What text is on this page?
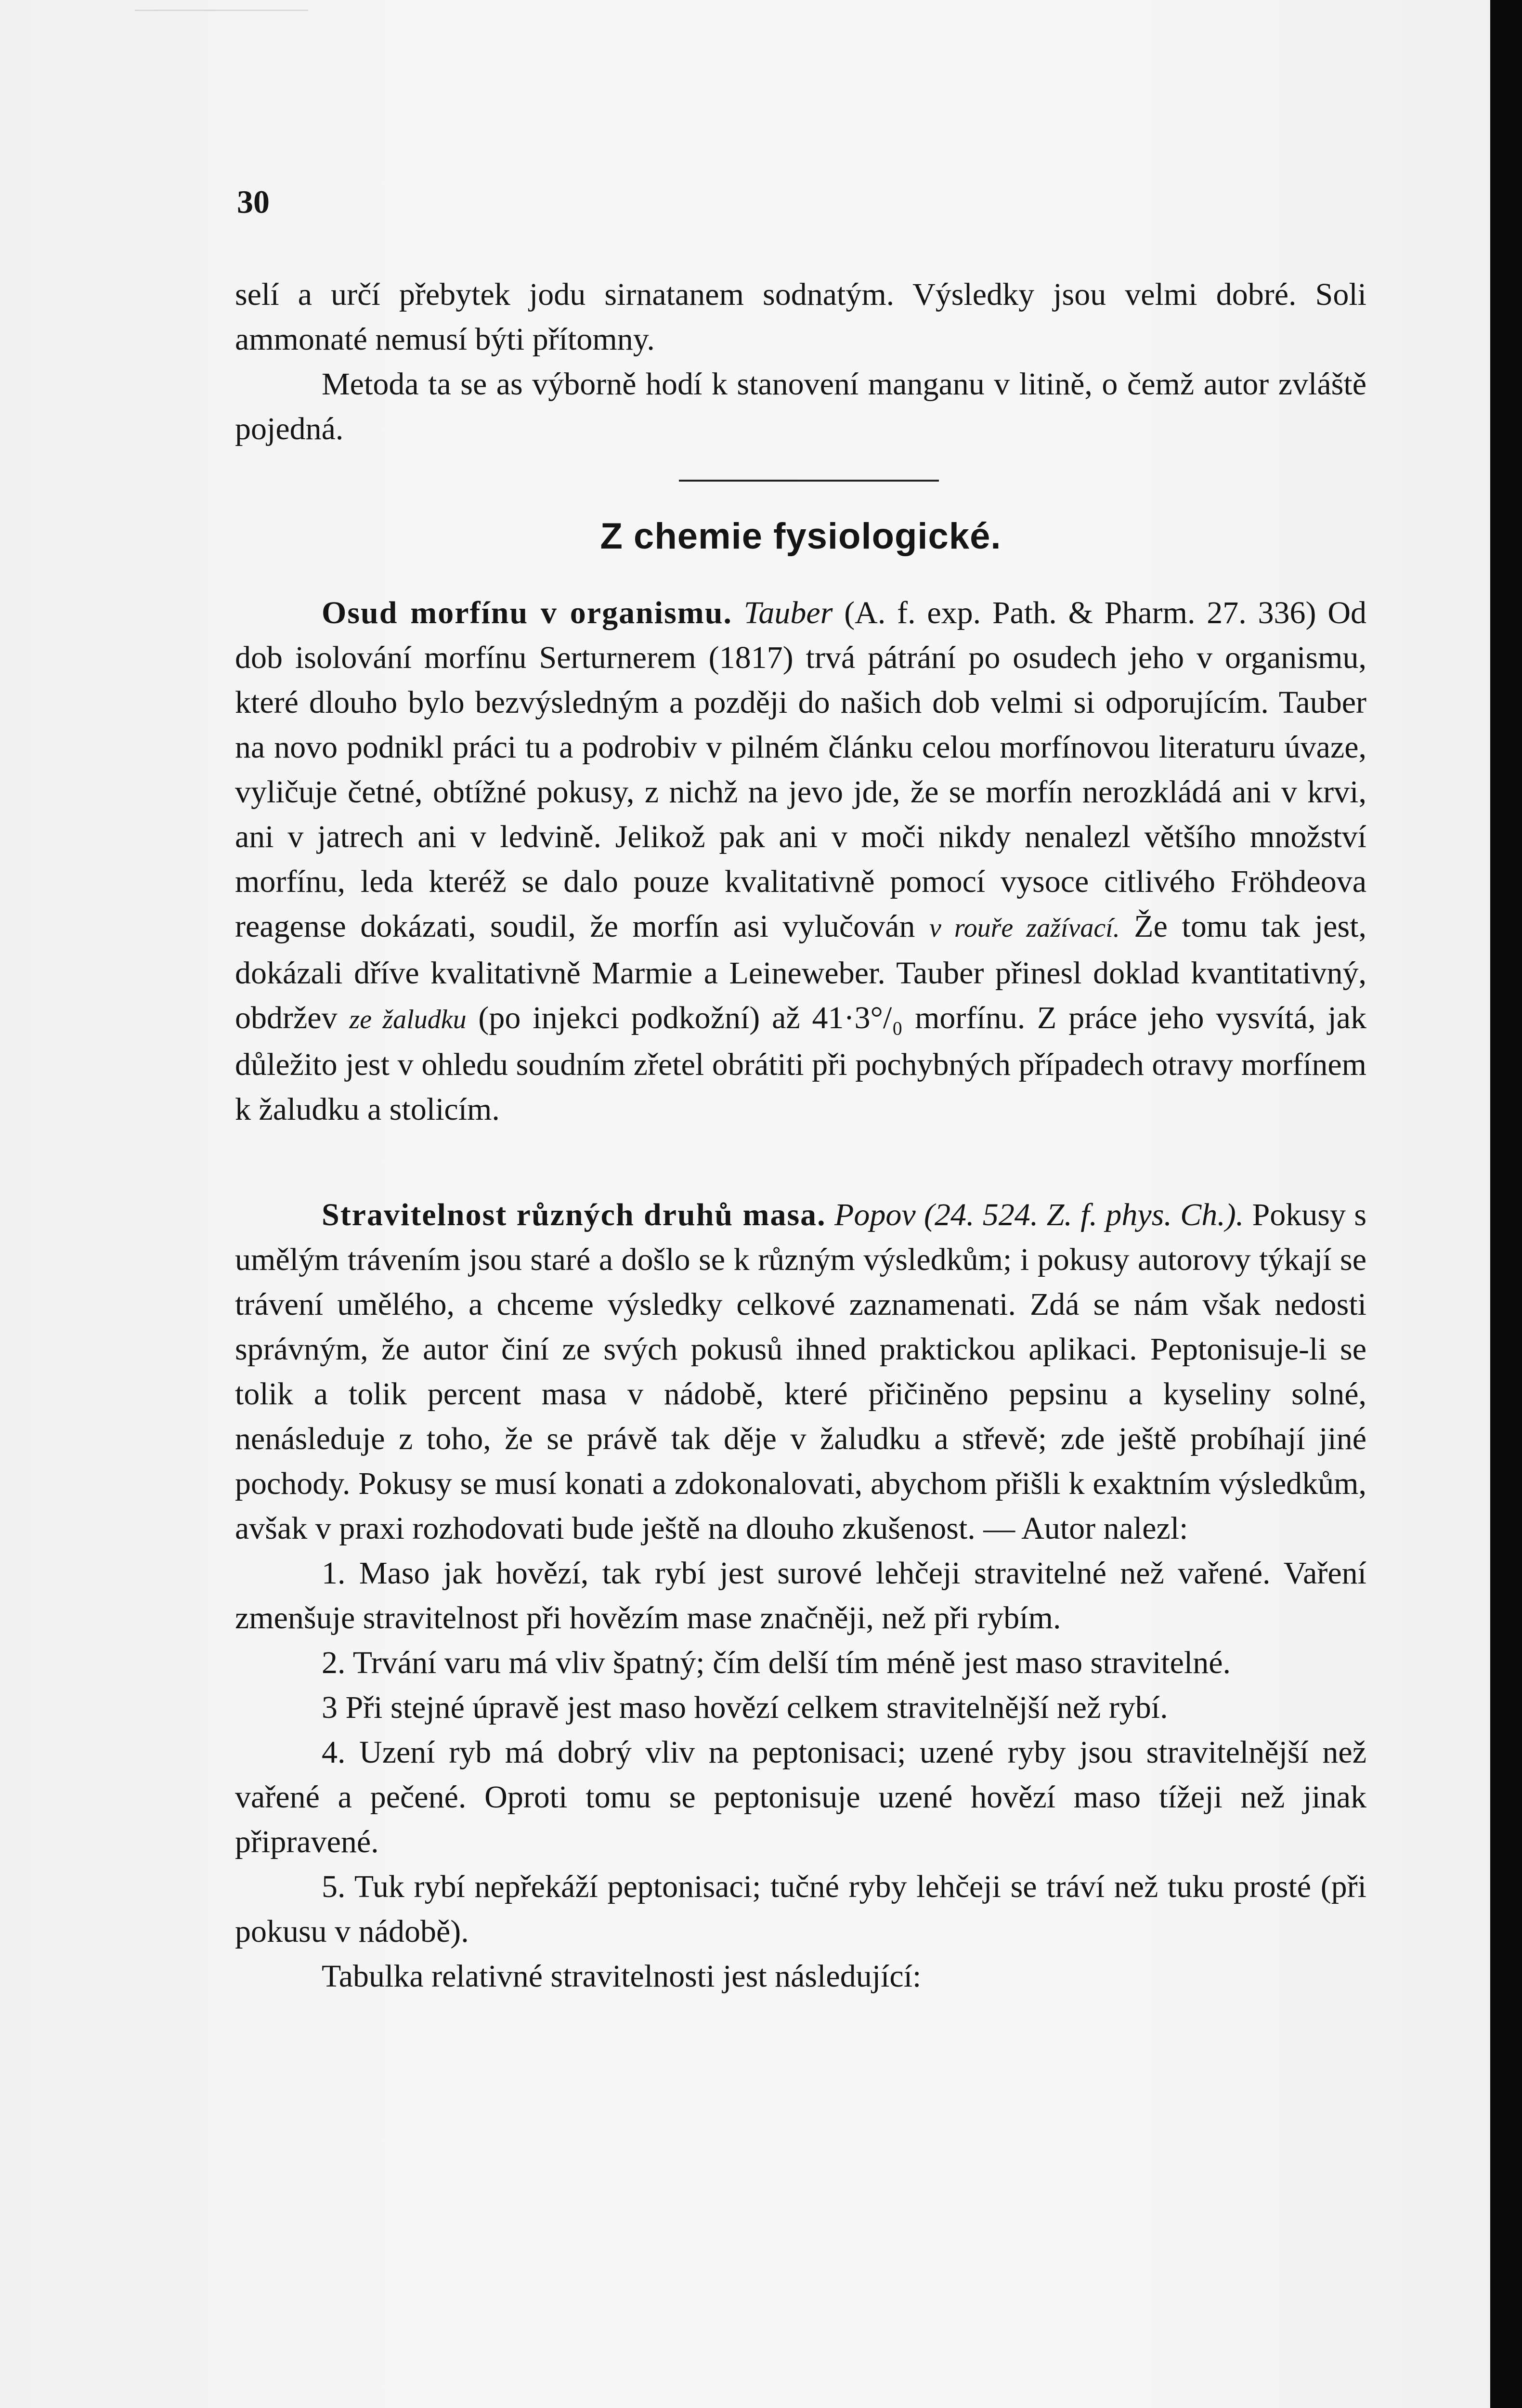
30

selí a určí přebytek jodu sirnatanem sodnatým. Výsledky jsou velmi dobré. Soli ammonaté nemusí býti přítomny.

Metoda ta se as výborně hodí k stanovení manganu v litině, o čemž autor zvláště pojedná.

Z chemie fysiologické.

Osud morfínu v organismu. Tauber (A. f. exp. Path. & Pharm. 27. 336) Od dob isolování morfínu Serturnerem (1817) trvá pátrání po osudech jeho v organismu, které dlouho bylo bezvýsledným a později do našich dob velmi si odporujícím. Tauber na novo podnikl práci tu a podrobiv v pilném článku celou morfínovou literaturu úvaze, vyličuje četné, obtížné pokusy, z nichž na jevo jde, že se morfín nerozkládá ani v krvi, ani v jatrech ani v ledvině. Jelikož pak ani v moči nikdy nenalezl většího množství morfínu, leda kteréž se dalo pouze kvalitativně pomocí vysoce citlivého Fröhdeova reagense dokázati, soudil, že morfín asi vylučován v rouře zažívací. Že tomu tak jest, dokázali dříve kvalitativně Marmie a Leineweber. Tauber přinesl doklad kvantitativný, obdržev ze žaludku (po injekci podkožní) až 41·3°/₀ morfínu. Z práce jeho vysvítá, jak důležito jest v ohledu soudním zřetel obrátiti při pochybných případech otravy morfínem k žaludku a stolicím.

Stravitelnost různých druhů masa. Popov (24. 524. Z. f. phys. Ch.). Pokusy s umělým trávením jsou staré a došlo se k různým výsledkům; i pokusy autorovy týkají se trávení umělého, a chceme výsledky celkové zaznamenati. Zdá se nám však nedosti správným, že autor činí ze svých pokusů ihned praktickou aplikaci. Peptonisuje-li se tolik a tolik percent masa v nádobě, které přičiněno pepsinu a kyseliny solné, nenásleduje z toho, že se právě tak děje v žaludku a střevě; zde ještě probíhají jiné pochody. Pokusy se musí konati a zdokonalovati, abychom přišli k exaktním výsledkům, avšak v praxi rozhodovati bude ještě na dlouho zkušenost. — Autor nalezl:

1. Maso jak hovězí, tak rybí jest surové lehčeji stravitelné než vařené. Vaření zmenšuje stravitelnost při hovězím mase značněji, než při rybím.

2. Trvání varu má vliv špatný; čím delší tím méně jest maso stravitelné.

3 Při stejné úpravě jest maso hovězí celkem stravitelnější než rybí.

4. Uzení ryb má dobrý vliv na peptonisaci; uzené ryby jsou stravitelnější než vařené a pečené. Oproti tomu se peptonisuje uzené hovězí maso tížeji než jinak připravené.

5. Tuk rybí nepřekáží peptonisaci; tučné ryby lehčeji se tráví než tuku prosté (při pokusu v nádobě).

Tabulka relativné stravitelnosti jest následující:
